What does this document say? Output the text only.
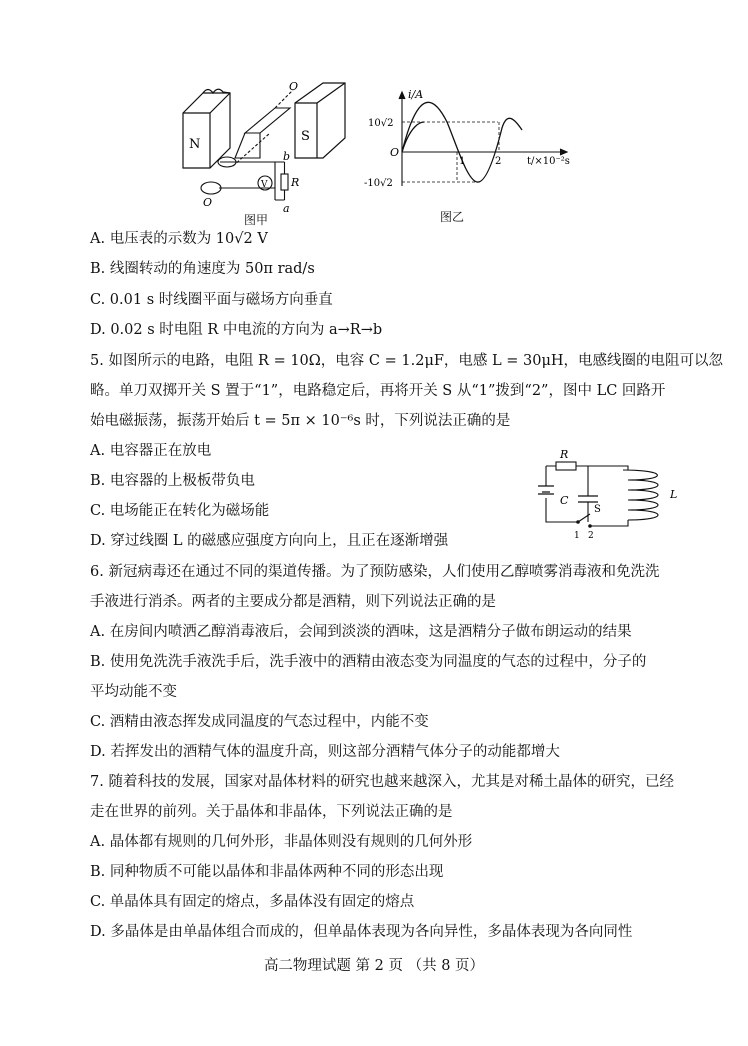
N
S
O
O
V
b
a
R
图甲
i/A
10√2
-10√2
O
1	2	t/×10⁻²s
图乙
A. 电压表的示数为 10√2 V
B. 线圈转动的角速度为 50π rad/s
C. 0.01 s 时线圈平面与磁场方向垂直
D. 0.02 s 时电阻 R 中电流的方向为 a→R→b
5. 如图所示的电路，电阻 R = 10Ω，电容 C = 1.2μF，电感 L = 30μH，电感线圈的电阻可以忽
略。单刀双掷开关 S 置于“1”，电路稳定后，再将开关 S 从“1”拨到“2”，图中 LC 回路开
始电磁振荡，振荡开始后 t = 5π × 10⁻⁶s 时，下列说法正确的是
A. 电容器正在放电
B. 电容器的上极板带负电
C. 电场能正在转化为磁场能
D. 穿过线圈 L 的磁感应强度方向向上，且正在逐渐增强
R
C	L
S
1 2
6. 新冠病毒还在通过不同的渠道传播。为了预防感染，人们使用乙醇喷雾消毒液和免洗洗
手液进行消杀。两者的主要成分都是酒精，则下列说法正确的是
A. 在房间内喷洒乙醇消毒液后，会闻到淡淡的酒味，这是酒精分子做布朗运动的结果
B. 使用免洗洗手液洗手后，洗手液中的酒精由液态变为同温度的气态的过程中，分子的
平均动能不变
C. 酒精由液态挥发成同温度的气态过程中，内能不变
D. 若挥发出的酒精气体的温度升高，则这部分酒精气体分子的动能都增大
7. 随着科技的发展，国家对晶体材料的研究也越来越深入，尤其是对稀土晶体的研究，已经
走在世界的前列。关于晶体和非晶体，下列说法正确的是
A. 晶体都有规则的几何外形，非晶体则没有规则的几何外形
B. 同种物质不可能以晶体和非晶体两种不同的形态出现
C. 单晶体具有固定的熔点，多晶体没有固定的熔点
D. 多晶体是由单晶体组合而成的，但单晶体表现为各向异性，多晶体表现为各向同性
高二物理试题 第 2 页 （共 8 页）
